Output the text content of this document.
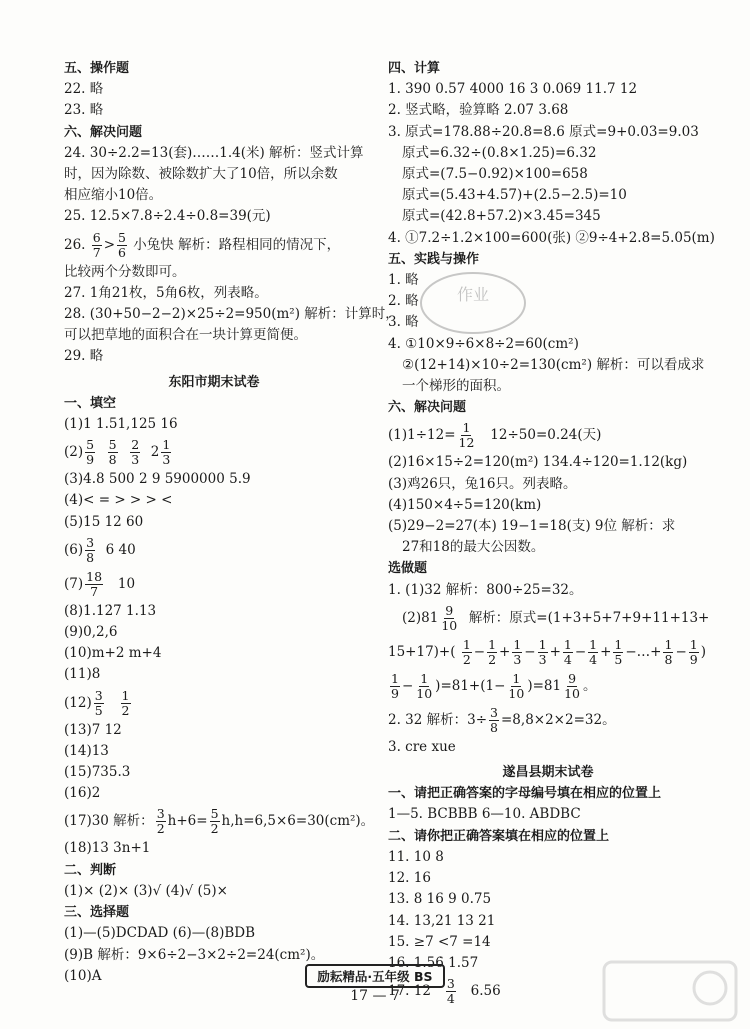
五、操作题
22. 略
23. 略
六、解决问题
24. 30÷2.2=13(套)……1.4(米) 解析：竖式计算
时，因为除数、被除数扩大了10倍，所以余数
相应缩小10倍。
25. 12.5×7.8÷2.4÷0.8=39(元)
26. $\frac{6}{7} > \frac{5}{6}$ 小兔快 解析：路程相同的情况下，
比较两个分数即可。
27. 1角21枚，5角6枚，列表略。
28. (30+50−2−2)×25÷2=950(m²) 解析：计算时，
可以把草地的面积合在一块计算更简便。
29. 略
东阳市期末试卷
一、填空
(1)1 1.51,125 16
$(2) \frac{5}{9}$
$\frac{5}{8}$
$\frac{2}{3} 2 \frac{1}{3}$
(3)4.8 500 2 9 5900000 5.9
(4)< = > > > <
(5)15 12 60
$(6) \frac{3}{8} 6$ 40
$(7) \frac{18}{7} 10$
(8)1.12̇7̇ 1.13
(9)0,2,6
(10)m+2 m+4
(11)8
$(12) \frac{3}{5}$
$\frac{1}{2}$
(13)7 12
(14)13
(15)735.3
(16)2
(17)30 解析： $\frac{3}{2} h+6= \frac{5}{2} h,h=6,5\times 6=30(cm^2)$。
(18)13 3n+1
二、判断
(1)× (2)× (3)√ (4)√ (5)×
三、选择题
(1)—(5)DCDAD (6)—(8)BDB
(9)B 解析：9×6÷2−3×2÷2=24(cm²)。
(10)A
四、计算
1. 390 0.57 4000 16 3 0.069 11.7 12
2. 竖式略，验算略 2.07 3.68
3. 原式=178.88÷20.8=8.6 原式=9+0.03=9.03
原式=6.32÷(0.8×1.25)=6.32
原式=(7.5−0.92)×100=658
原式=(5.43+4.57)+(2.5−2.5)=10
原式=(42.8+57.2)×3.45=345
4. ①7.2÷1.2×100=600(张) ②9÷4+2.8=5.05(m)
五、实践与操作
1. 略
2. 略
3. 略
4. ①10×9÷6×8÷2=60(cm²)
②(12+14)×10÷2=130(cm²) 解析：可以看成求
一个梯形的面积。
六、解决问题
$(1)1\div 12= \frac{1}{12} 12\div 50=0.24$(天)
(2)16×15÷2=120(m²) 134.4÷120=1.12(kg)
(3)鸡26只，兔16只。列表略。
(4)150×4÷5=120(km)
(5)29−2=27(本) 19−1=18(支) 9位 解析：求
27和18的最大公因数。
选做题
1. (1)32 解析：800÷25=32。
$(2)81 \frac{9}{10}$ 解析：原式=(1+3+5+7+9+11+13+
$15+17)+( \frac{1}{2} - \frac{1}{2} + \frac{1}{3} - \frac{1}{3} + \frac{1}{4} - \frac{1}{4} + \frac{1}{5}$ −…+ $\frac{1}{8} - \frac{1}{9}$ )
$\frac{1}{9} - \frac{1}{10} )=81+(1- \frac{1}{10} )=81 \frac{9}{10}$ 。
2. 32 解析：$3\div \frac{3}{8} =8,8\times 2\times 2=32$。
3. cre xue
遂昌县期末试卷
一、请把正确答案的字母编号填在相应的位置上
1—5. BCBBB 6—10. ABDBC
二、请你把正确答案填在相应的位置上
11. 10 8
12. 16
13. 8 16 9 0.75
14. 13,21 13 21
15. ≥7 <7 =14
16. 1.56̇ 1.57
17. $12 \frac{3}{4} 6.56$
作业
励耘精品·五年级 BS
17 — 7
